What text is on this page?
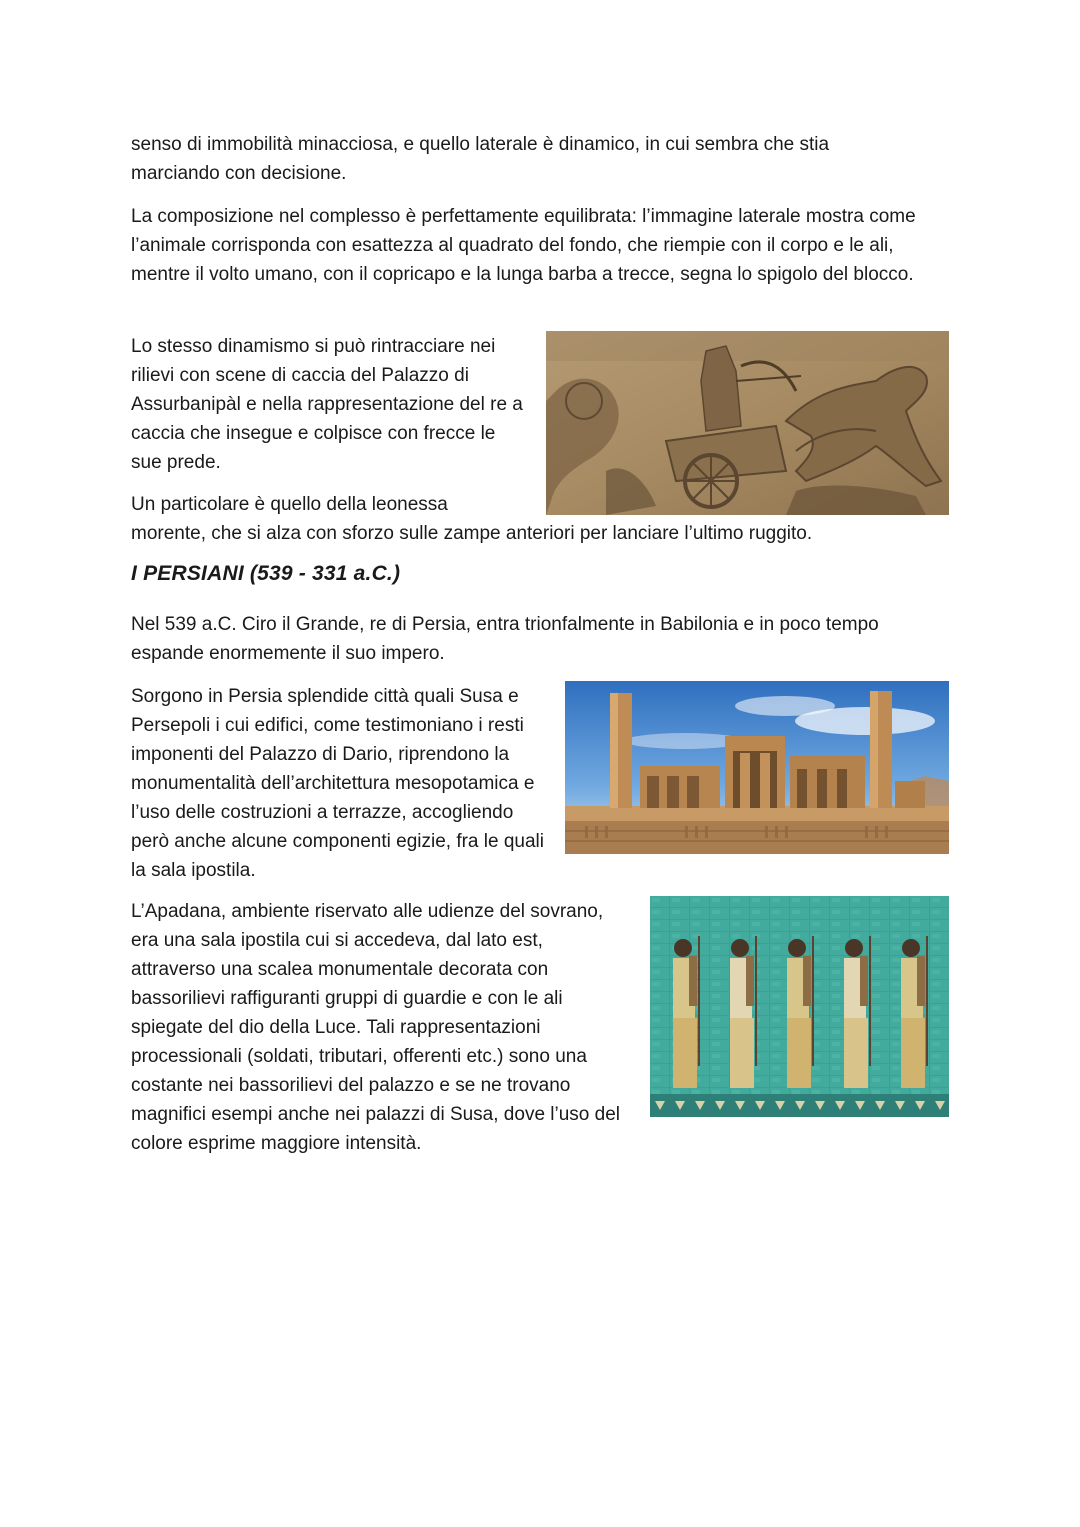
senso di immobilità minacciosa, e quello laterale è dinamico, in cui sembra che stia marciando con decisione.

La composizione nel complesso è perfettamente equilibrata: l’immagine laterale mostra come l’animale corrisponda con esattezza al quadrato del fondo, che riempie con il corpo e le ali, mentre il volto umano, con il copricapo e la lunga barba a trecce, segna lo spigolo del blocco.

Lo stesso dinamismo si può rintracciare nei rilievi con scene di caccia del Palazzo di Assurbanipàl e nella rappresentazione del re a caccia che insegue e colpisce con frecce le sue prede.

Un particolare è quello della leonessa

morente, che si alza con sforzo sulle zampe anteriori per lanciare l’ultimo ruggito.

I PERSIANI (539 - 331 a.C.)

Nel 539 a.C. Ciro il Grande, re di Persia, entra trionfalmente in Babilonia e in poco tempo espande enormemente il suo impero.

Sorgono in Persia splendide città quali Susa e Persepoli i cui edifici, come testimoniano i resti imponenti del Palazzo di Dario, riprendono la monumentalità dell’architettura mesopotamica e l’uso delle costruzioni a terrazze, accogliendo però anche alcune componenti egizie, fra le quali la sala ipostila.

L’Apadana, ambiente riservato alle udienze del sovrano, era una sala ipostila cui si accedeva, dal lato est, attraverso una scalea monumentale decorata con bassorilievi raffiguranti gruppi di guardie e con le ali spiegate del dio della Luce. Tali rappresentazioni processionali (soldati, tributari, offerenti etc.) sono una costante nei bassorilievi del palazzo e se ne trovano magnifici esempi anche nei palazzi di Susa, dove l’uso del colore esprime maggiore intensità.
